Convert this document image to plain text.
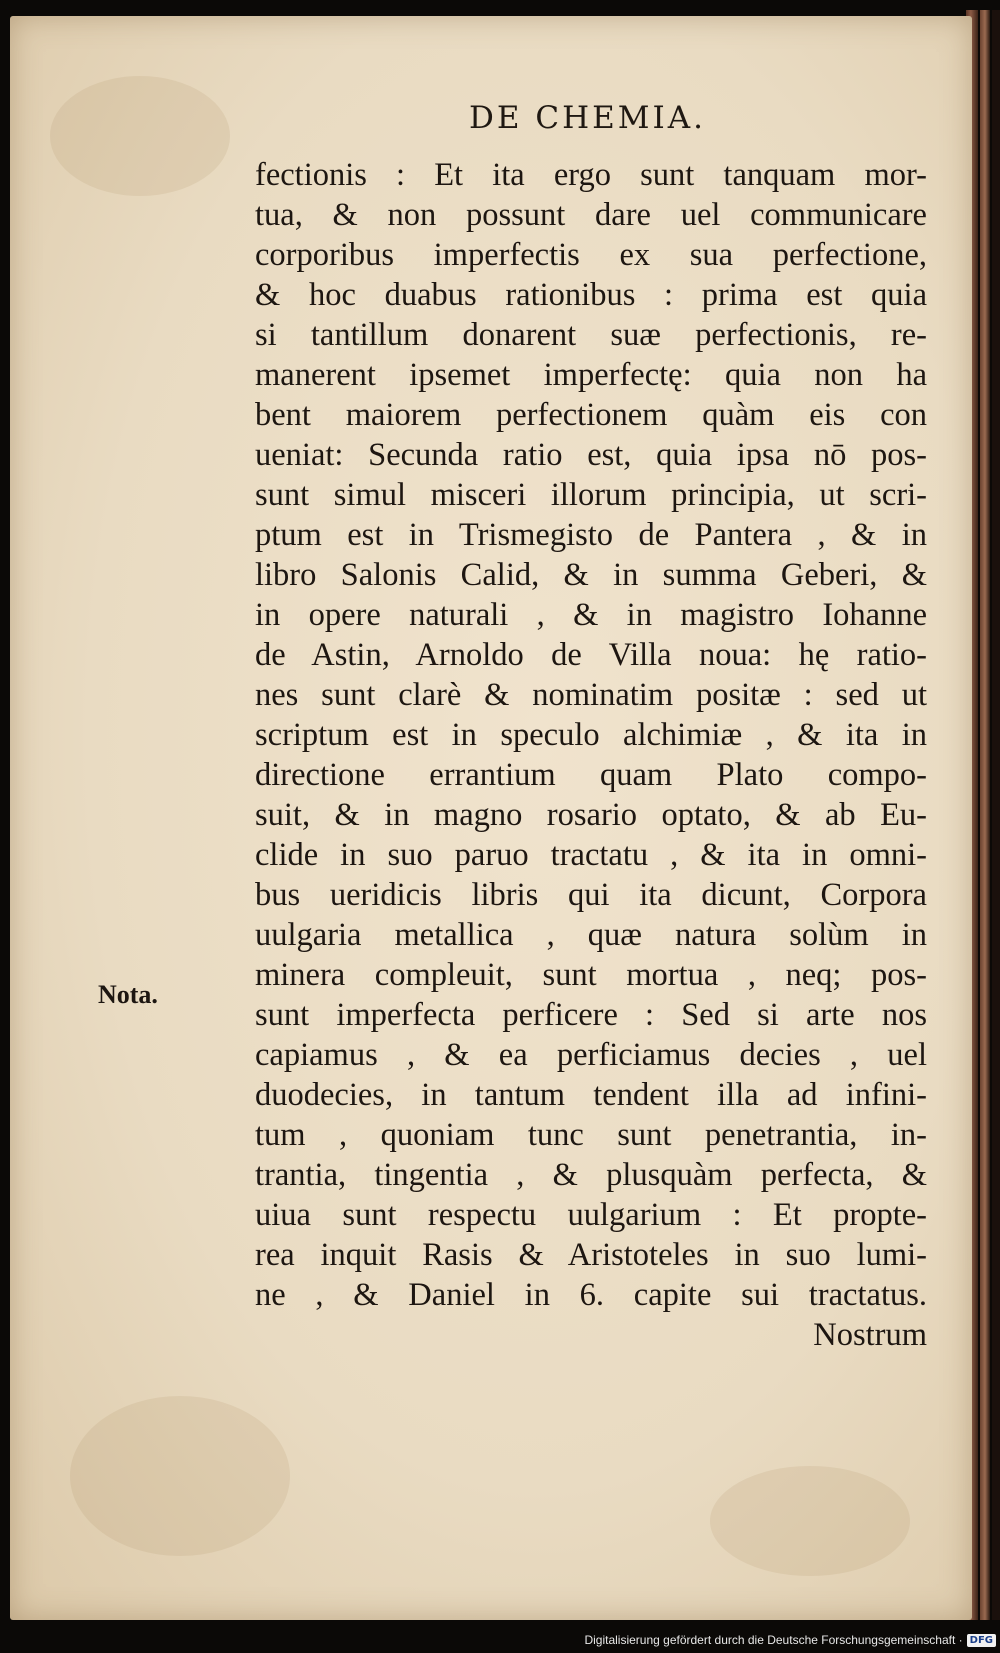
DE CHEMIA.
Nota.
fectionis : Et ita ergo sunt tanquam mor-
tua, & non possunt dare uel communicare
corporibus imperfectis ex sua perfectione,
& hoc duabus rationibus : prima est quia
si tantillum donarent suæ perfectionis, re-
manerent ipsemet imperfectę: quia non ha
bent maiorem perfectionem quàm eis con
ueniat: Secunda ratio est, quia ipsa nō pos-
sunt simul misceri illorum principia, ut scri-
ptum est in Trismegisto de Pantera , & in
libro Salonis Calid, & in summa Geberi, &
in opere naturali , & in magistro Iohanne
de Astin, Arnoldo de Villa noua: hę ratio-
nes sunt clarè & nominatim positæ : sed ut
scriptum est in speculo alchimiæ , & ita in
directione errantium quam Plato compo-
suit, & in magno rosario optato, & ab Eu-
clide in suo paruo tractatu , & ita in omni-
bus ueridicis libris qui ita dicunt, Corpora
uulgaria metallica , quæ natura solùm in
minera compleuit, sunt mortua , neq; pos-
sunt imperfecta perficere : Sed si arte nos
capiamus , & ea perficiamus decies , uel
duodecies, in tantum tendent illa ad infini-
tum , quoniam tunc sunt penetrantia, in-
trantia, tingentia , & plusquàm perfecta, &
uiua sunt respectu uulgarium : Et propte-
rea inquit Rasis & Aristoteles in suo lumi-
ne , & Daniel in 6. capite sui tractatus.
Nostrum
Digitalisierung gefördert durch die Deutsche Forschungsgemeinschaft · DFG
